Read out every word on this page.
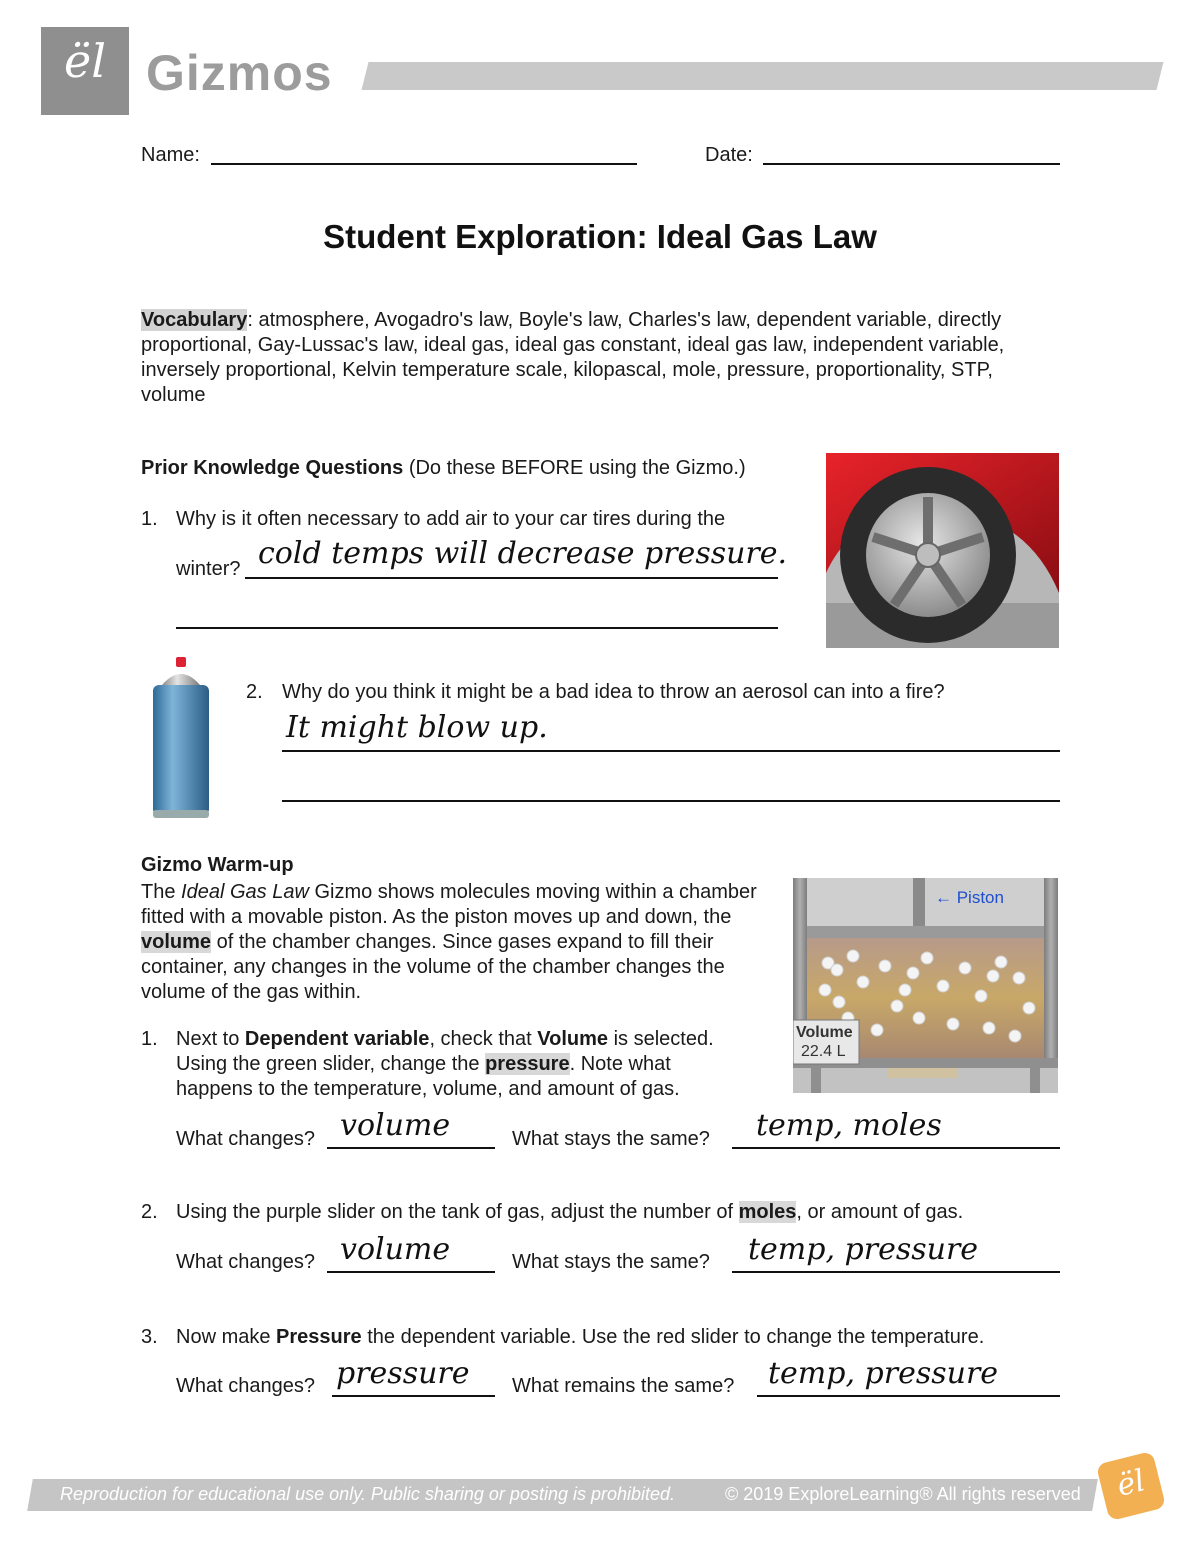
ël Gizmos
Name:	Date:
Student Exploration: Ideal Gas Law
Vocabulary: atmosphere, Avogadro's law, Boyle's law, Charles's law, dependent variable, directly proportional, Gay-Lussac's law, ideal gas, ideal gas constant, ideal gas law, independent variable, inversely proportional, Kelvin temperature scale, kilopascal, mole, pressure, proportionality, STP, volume
Prior Knowledge Questions (Do these BEFORE using the Gizmo.)
1. Why is it often necessary to add air to your car tires during the
winter? cold temps will decrease pressure.
2. Why do you think it might be a bad idea to throw an aerosol can into a fire?
It might blow up.
Gizmo Warm-up
The Ideal Gas Law Gizmo shows molecules moving within a chamber fitted with a movable piston. As the piston moves up and down, the volume of the chamber changes. Since gases expand to fill their container, any changes in the volume of the chamber changes the volume of the gas within.
← Piston
Volume
22.4 L
1. Next to Dependent variable, check that Volume is selected.
Using the green slider, change the pressure. Note what
happens to the temperature, volume, and amount of gas.
What changes? volume	What stays the same? temp, moles
2. Using the purple slider on the tank of gas, adjust the number of moles, or amount of gas.
What changes? volume	What stays the same? temp, pressure
3. Now make Pressure the dependent variable. Use the red slider to change the temperature.
What changes? pressure What remains the same? temp, pressure
Reproduction for educational use only. Public sharing or posting is prohibited.	© 2019 ExploreLearning® All rights reserved	ël
